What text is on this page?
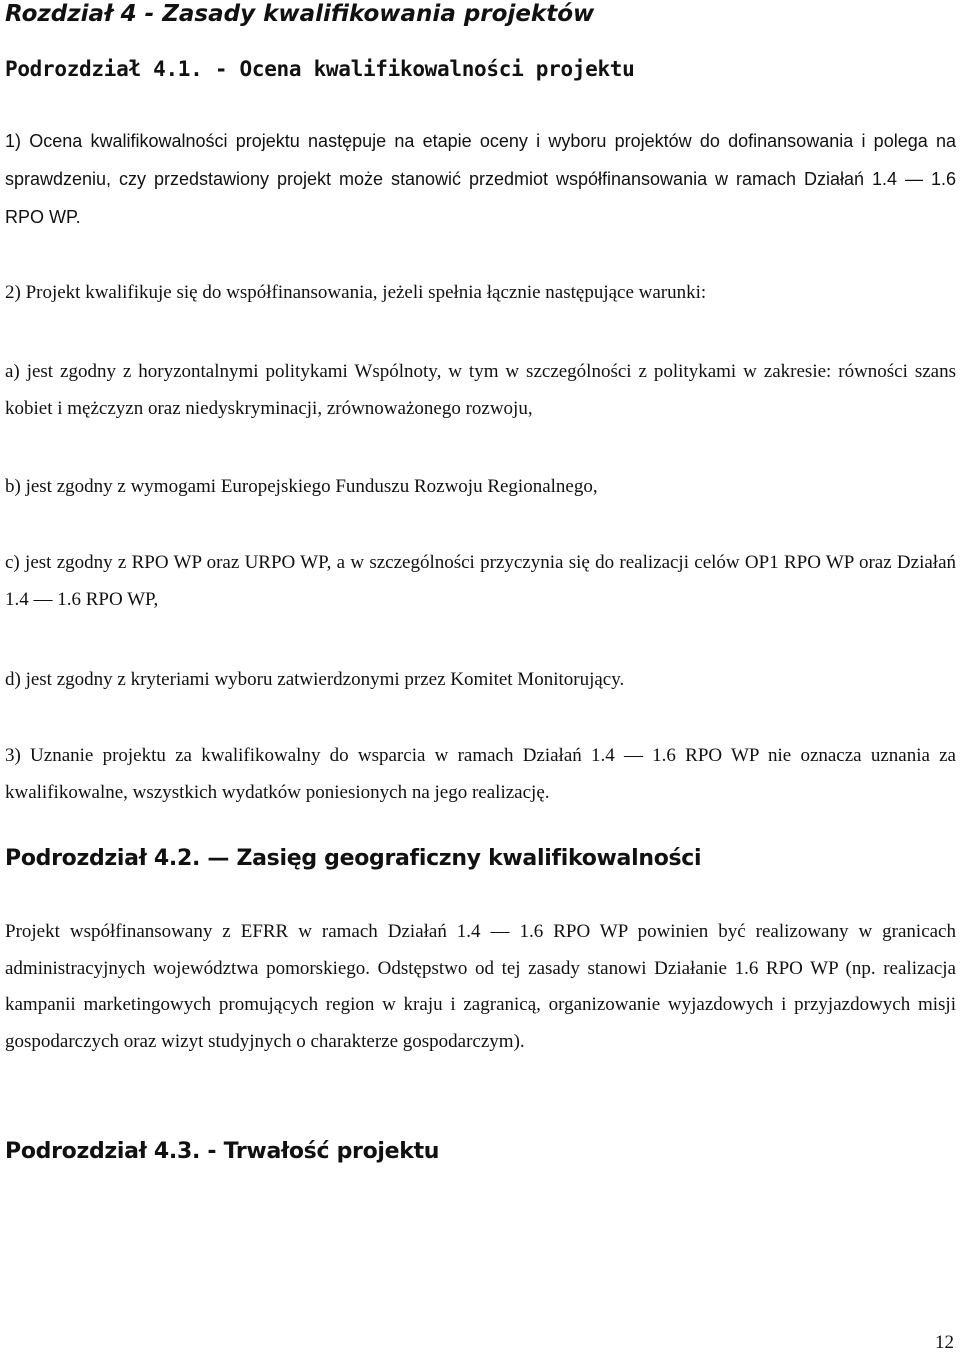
Rozdział 4 - Zasady kwalifikowania projektów
Podrozdział 4.1. - Ocena kwalifikowalności projektu

1) Ocena kwalifikowalności projektu następuje na etapie oceny i wyboru projektów do dofinansowania i polega na sprawdzeniu, czy przedstawiony projekt może stanowić przedmiot współfinansowania w ramach Działań 1.4 — 1.6 RPO WP.

2) Projekt kwalifikuje się do współfinansowania, jeżeli spełnia łącznie następujące warunki:

a) jest zgodny z horyzontalnymi politykami Wspólnoty, w tym w szczególności z politykami w zakresie: równości szans kobiet i mężczyzn oraz niedyskryminacji, zrównoważonego rozwoju,

b) jest zgodny z wymogami Europejskiego Funduszu Rozwoju Regionalnego,

c) jest zgodny z RPO WP oraz URPO WP, a w szczególności przyczynia się do realizacji celów OP1 RPO WP oraz Działań 1.4 — 1.6 RPO WP,

d) jest zgodny z kryteriami wyboru zatwierdzonymi przez Komitet Monitorujący.

3) Uznanie projektu za kwalifikowalny do wsparcia w ramach Działań 1.4 — 1.6 RPO WP nie oznacza uznania za kwalifikowalne, wszystkich wydatków poniesionych na jego realizację.

Podrozdział 4.2. — Zasięg geograficzny kwalifikowalności

Projekt współfinansowany z EFRR w ramach Działań 1.4 — 1.6 RPO WP powinien być realizowany w granicach administracyjnych województwa pomorskiego. Odstępstwo od tej zasady stanowi Działanie 1.6 RPO WP (np. realizacja kampanii marketingowych promujących region w kraju i zagranicą, organizowanie wyjazdowych i przyjazdowych misji gospodarczych oraz wizyt studyjnych o charakterze gospodarczym).

Podrozdział 4.3. - Trwałość projektu
12
